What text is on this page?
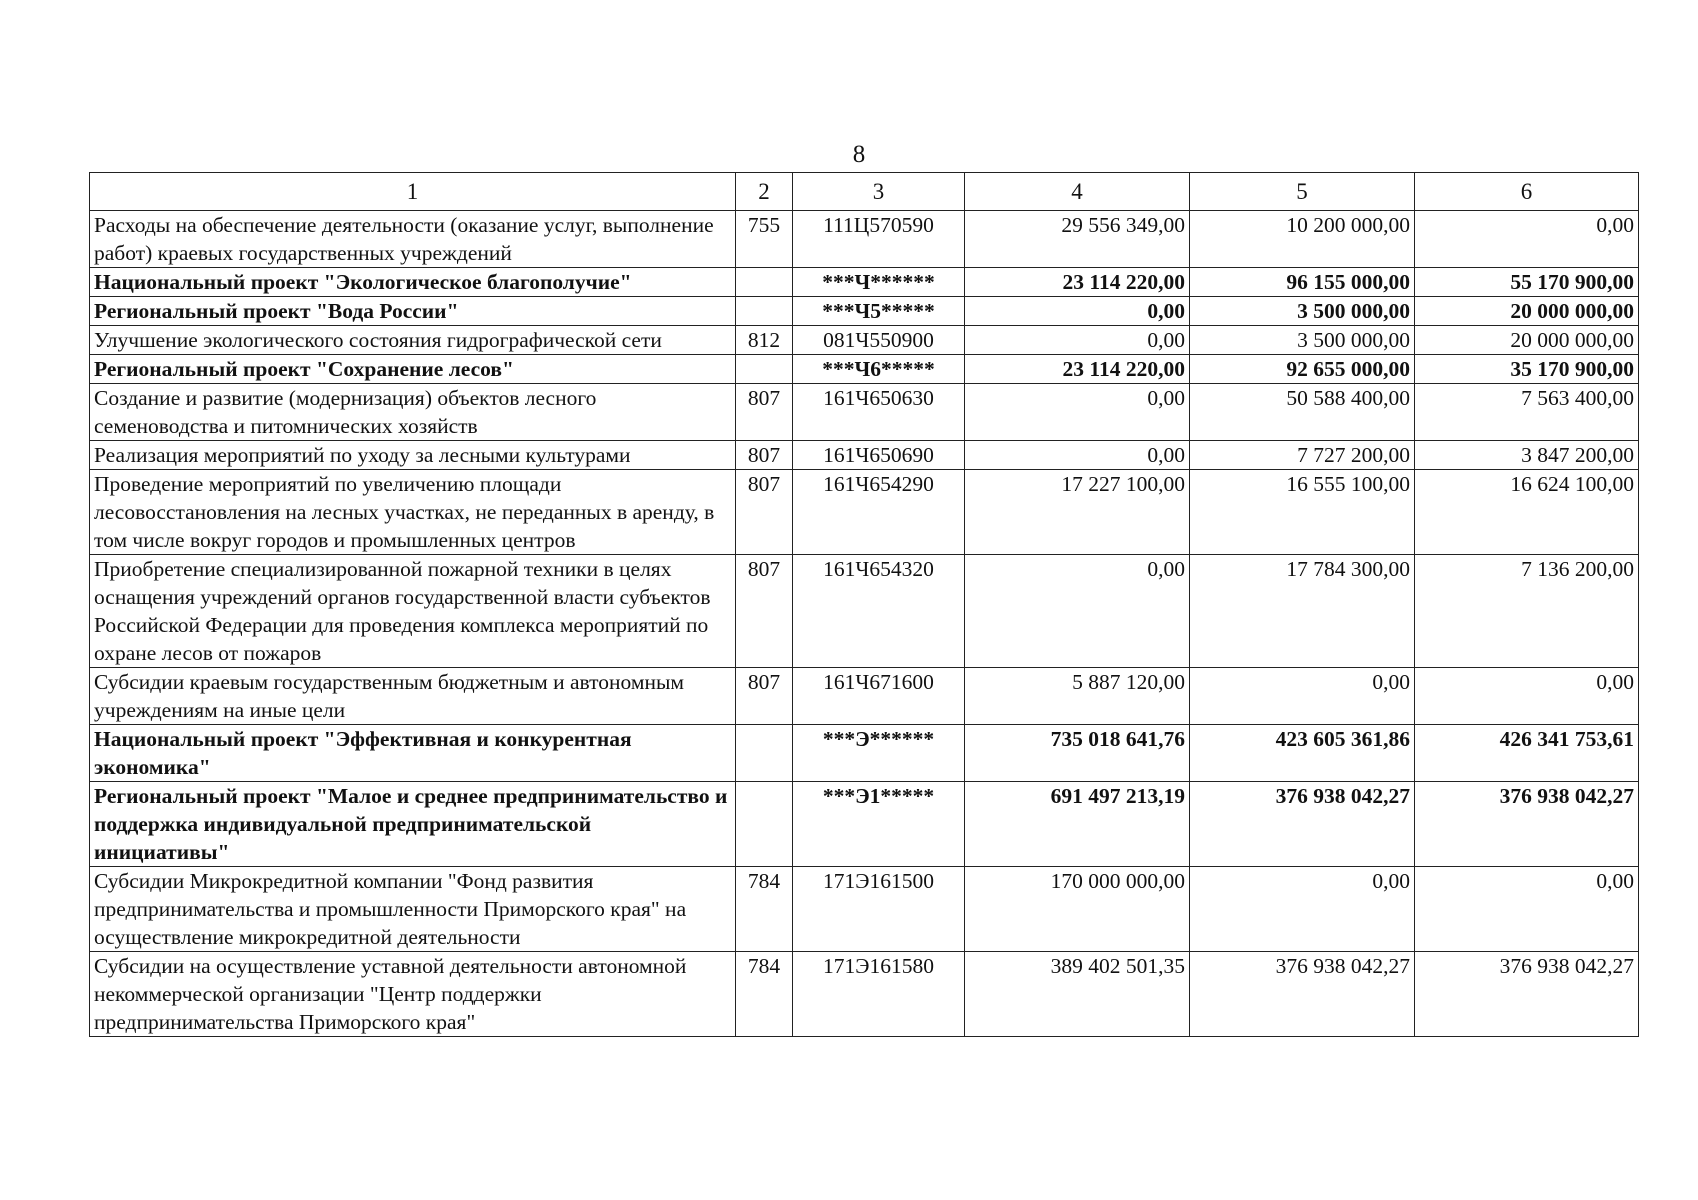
8
1	2	3	4	5	6
Расходы на обеспечение деятельности (оказание услуг, выполнение работ) краевых государственных учреждений	755	111Ц570590	29 556 349,00	10 200 000,00	0,00
Национальный проект "Экологическое благополучие"		***Ч******	23 114 220,00	96 155 000,00	55 170 900,00
Региональный проект "Вода России"		***Ч5*****	0,00	3 500 000,00	20 000 000,00
Улучшение экологического состояния гидрографической сети	812	081Ч550900	0,00	3 500 000,00	20 000 000,00
Региональный проект "Сохранение лесов"		***Ч6*****	23 114 220,00	92 655 000,00	35 170 900,00
Создание и развитие (модернизация) объектов лесного семеноводства и питомнических хозяйств	807	161Ч650630	0,00	50 588 400,00	7 563 400,00
Реализация мероприятий по уходу за лесными культурами	807	161Ч650690	0,00	7 727 200,00	3 847 200,00
Проведение мероприятий по увеличению площади лесовосстановления на лесных участках, не переданных в аренду, в том числе вокруг городов и промышленных центров	807	161Ч654290	17 227 100,00	16 555 100,00	16 624 100,00
Приобретение специализированной пожарной техники в целях оснащения учреждений органов государственной власти субъектов Российской Федерации для проведения комплекса мероприятий по охране лесов от пожаров	807	161Ч654320	0,00	17 784 300,00	7 136 200,00
Субсидии краевым государственным бюджетным и автономным учреждениям на иные цели	807	161Ч671600	5 887 120,00	0,00	0,00
Национальный проект "Эффективная и конкурентная экономика"		***Э******	735 018 641,76	423 605 361,86	426 341 753,61
Региональный проект "Малое и среднее предпринимательство и поддержка индивидуальной предпринимательской инициативы"		***Э1*****	691 497 213,19	376 938 042,27	376 938 042,27
Субсидии Микрокредитной компании "Фонд развития предпринимательства и промышленности Приморского края" на осуществление микрокредитной деятельности	784	171Э161500	170 000 000,00	0,00	0,00
Субсидии на осуществление уставной деятельности автономной некоммерческой организации "Центр поддержки предпринимательства Приморского края"	784	171Э161580	389 402 501,35	376 938 042,27	376 938 042,27
